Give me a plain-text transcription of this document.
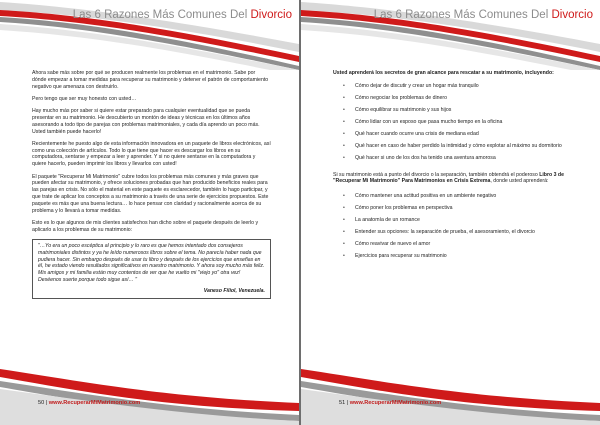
Las 6 Razones Más Comunes Del Divorcio

Ahora sabe más sobre por qué se producen realmente los problemas en el matrimonio. Sabe por dónde empezar a tomar medidas para recuperar su matrimonio y detener el patrón de comportamiento negativo que amenaza con destruirlo.

Pero tengo que ser muy honesto con usted…

Hay mucho más por saber si quiere estar preparado para cualquier eventualidad que se pueda presentar en su matrimonio. He descubierto un montón de ideas y técnicas en los últimos años asesorando a todo tipo de parejas con problemas matrimoniales, y cada día aprendo un poco más. Usted también puede hacerlo!

Recientemente he puesto algo de esta información innovadora en un paquete de libros electrónicos, así como una colección de artículos. Todo lo que tiene que hacer es descargar los libros en su computadora, sentarse y empezar a leer y aprender. Y si no quiere sentarse en la computadora y quiere hacerlo, pueden imprimir los libros y llevarlos con usted!

El paquete "Recuperar Mi Matrimonio" cubre todos los problemas más comunes y más graves que pueden afectar su matrimonio, y ofrece soluciones probadas que han producido beneficios reales para las parejas en crisis. No sólo el material en este paquete es esclarecedor, también lo hago participar, y que trate de aplicar los conceptos a su matrimonio a través de una serie de ejercicios propuestos. Este paquete es más que una buena lectura… lo hace pensar con claridad y racionalmente acerca de su problema y lo llevará a tomar medidas.

Esto es lo que algunos de mis clientes satisfechos han dicho sobre el paquete después de leerlo y aplicarlo a los problemas de su matrimonio:

"…Yo era un poco escéptica al principio y lo raro es que hemos intentado dos consejeros matrimoniales distintos y ya he leído numerosos libros sobre el tema. No parecía haber nada que pudiera hacer. Sin embargo después de usar tu libro y después de los ejercicios que enseñas en él, he estado viendo resultados significativos en nuestro matrimonio. Y ahora soy mucho más feliz. Mis amigos y mi familia están muy contentos de ver que he vuelto mi "viejo yo" otra vez! Deséenos suerte porque todo sigue así… "

Vaneso Filiol, Venezuela.
50 | www.RecuperarMiMatrimonio.com
Las 6 Razones Más Comunes Del Divorcio
Usted aprenderá los secretos de gran alcance para rescatar a su matrimonio, incluyendo:
• Cómo dejar de discutir y crear un hogar más tranquilo
• Cómo negociar los problemas de dinero
• Cómo equilibrar su matrimonio y sus hijos
• Cómo lidiar con un esposo que pasa mucho tiempo en la oficina
• Qué hacer cuando ocurre una crisis de mediana edad
• Qué hacer en caso de haber perdido la intimidad y cómo explotar al máximo su dormitorio
• Qué hacer si uno de los dos ha tenido una aventura amorosa

Si su matrimonio está a punto del divorcio o la separación, también obtendrá el poderoso Libro 3 de "Recuperar Mi Matrimonio" Para Matrimonios en Crisis Extrema, donde usted aprenderá:

• Cómo mantener una actitud positiva en un ambiente negativo
• Cómo poner los problemas en perspectiva
• La anatomía de un romance
• Entender sus opciones: la separación de prueba, el asesoramiento, el divorcio
• Cómo reavivar de nuevo el amor
• Ejercicios para recuperar su matrimonio
51 | www.RecuperarMiMatrimonio.com
